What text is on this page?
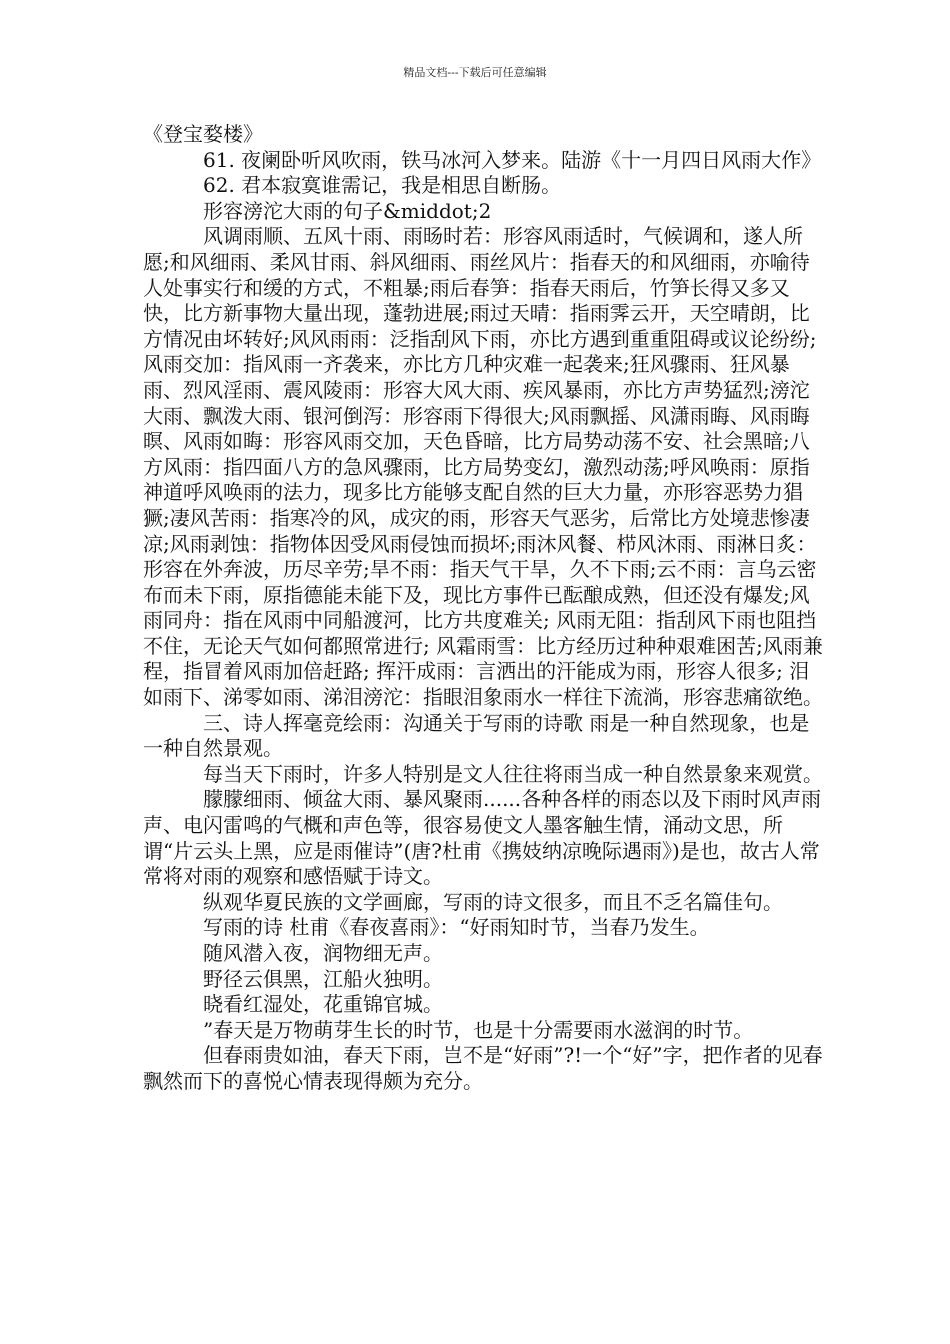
精品文档---下载后可任意编辑

《登宝婺楼》

61. 夜阑卧听风吹雨，铁马冰河入梦来。陆游《十一月四日风雨大作》

62. 君本寂寞谁需记，我是相思自断肠。

形容滂沱大雨的句子&middot;2

风调雨顺、五风十雨、雨旸时若：形容风雨适时，气候调和，遂人所愿;和风细雨、柔风甘雨、斜风细雨、雨丝风片：指春天的和风细雨，亦喻待人处事实行和缓的方式，不粗暴;雨后春笋：指春天雨后，竹笋长得又多又快，比方新事物大量出现，蓬勃进展;雨过天晴：指雨霁云开，天空晴朗，比方情况由坏转好;风风雨雨：泛指刮风下雨，亦比方遇到重重阻碍或议论纷纷;风雨交加：指风雨一齐袭来，亦比方几种灾难一起袭来;狂风骤雨、狂风暴雨、烈风淫雨、震风陵雨：形容大风大雨、疾风暴雨，亦比方声势猛烈;滂沱大雨、飘泼大雨、银河倒泻：形容雨下得很大;风雨飘摇、风潇雨晦、风雨晦暝、风雨如晦：形容风雨交加，天色昏暗，比方局势动荡不安、社会黑暗;八方风雨：指四面八方的急风骤雨，比方局势变幻，激烈动荡;呼风唤雨：原指神道呼风唤雨的法力，现多比方能够支配自然的巨大力量，亦形容恶势力猖獗;凄风苦雨：指寒冷的风，成灾的雨，形容天气恶劣，后常比方处境悲惨凄凉;风雨剥蚀：指物体因受风雨侵蚀而损坏;雨沐风餐、栉风沐雨、雨淋日炙：形容在外奔波，历尽辛劳;旱不雨：指天气干旱，久不下雨;云不雨：言乌云密布而未下雨，原指德能未能下及，现比方事件已酝酿成熟，但还没有爆发;风雨同舟：指在风雨中同船渡河，比方共度难关; 风雨无阻：指刮风下雨也阻挡不住，无论天气如何都照常进行; 风霜雨雪：比方经历过种种艰难困苦;风雨兼程，指冒着风雨加倍赶路; 挥汗成雨：言洒出的汗能成为雨，形容人很多; 泪如雨下、涕零如雨、涕泪滂沱：指眼泪象雨水一样往下流淌，形容悲痛欲绝。

三、诗人挥毫竞绘雨：沟通关于写雨的诗歌 雨是一种自然现象，也是一种自然景观。

每当天下雨时，许多人特别是文人往往将雨当成一种自然景象来观赏。

朦朦细雨、倾盆大雨、暴风聚雨......各种各样的雨态以及下雨时风声雨声、电闪雷鸣的气概和声色等，很容易使文人墨客触生情，涌动文思，所谓“片云头上黑，应是雨催诗”(唐?杜甫《携妓纳凉晚际遇雨》)是也，故古人常常将对雨的观察和感悟赋于诗文。

纵观华夏民族的文学画廊，写雨的诗文很多，而且不乏名篇佳句。

写雨的诗 杜甫《春夜喜雨》：“好雨知时节，当春乃发生。

随风潜入夜，润物细无声。

野径云俱黑，江船火独明。

晓看红湿处，花重锦官城。

”春天是万物萌芽生长的时节，也是十分需要雨水滋润的时节。

但春雨贵如油，春天下雨，岂不是“好雨”?!一个“好”字，把作者的见春飘然而下的喜悦心情表现得颇为充分。
